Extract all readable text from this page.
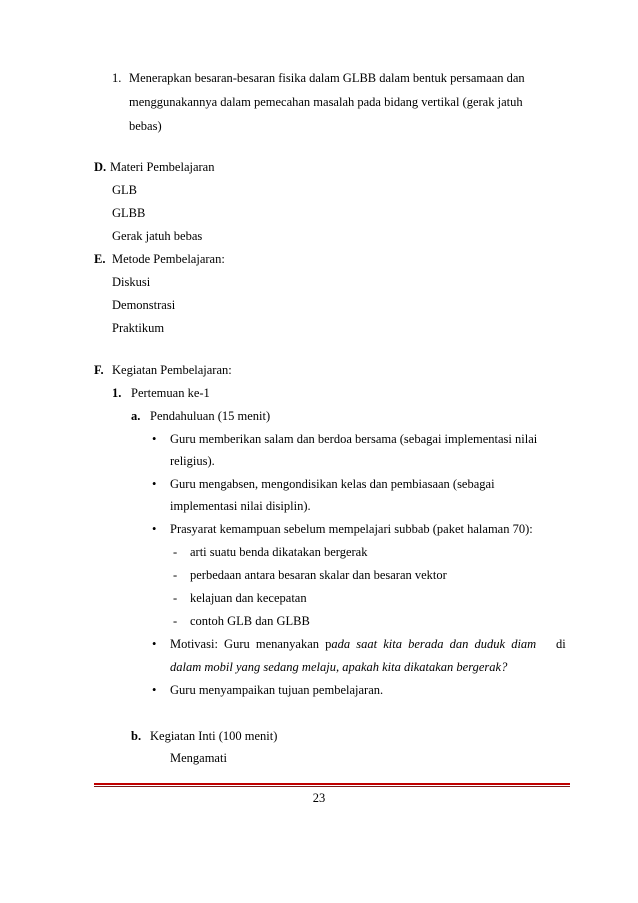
1. Menerapkan besaran-besaran fisika dalam GLBB dalam bentuk persamaan dan
menggunakannya dalam pemecahan masalah pada bidang vertikal (gerak jatuh
bebas)
D. Materi Pembelajaran
GLB
GLBB
Gerak jatuh bebas
E. Metode Pembelajaran:
Diskusi
Demonstrasi
Praktikum
F. Kegiatan Pembelajaran:
1. Pertemuan ke-1
a. Pendahuluan (15 menit)
• Guru memberikan salam dan berdoa bersama (sebagai implementasi nilai
religius).
• Guru mengabsen, mengondisikan kelas dan pembiasaan (sebagai
implementasi nilai disiplin).
• Prasyarat kemampuan sebelum mempelajari subbab (paket halaman 70):
- arti suatu benda dikatakan bergerak
- perbedaan antara besaran skalar dan besaran vektor
- kelajuan dan kecepatan
- contoh GLB dan GLBB
• Motivasi: Guru menanyakan pada saat kita berada dan duduk diam di
dalam mobil yang sedang melaju, apakah kita dikatakan bergerak?
• Guru menyampaikan tujuan pembelajaran.
b. Kegiatan Inti (100 menit)
Mengamati
23
